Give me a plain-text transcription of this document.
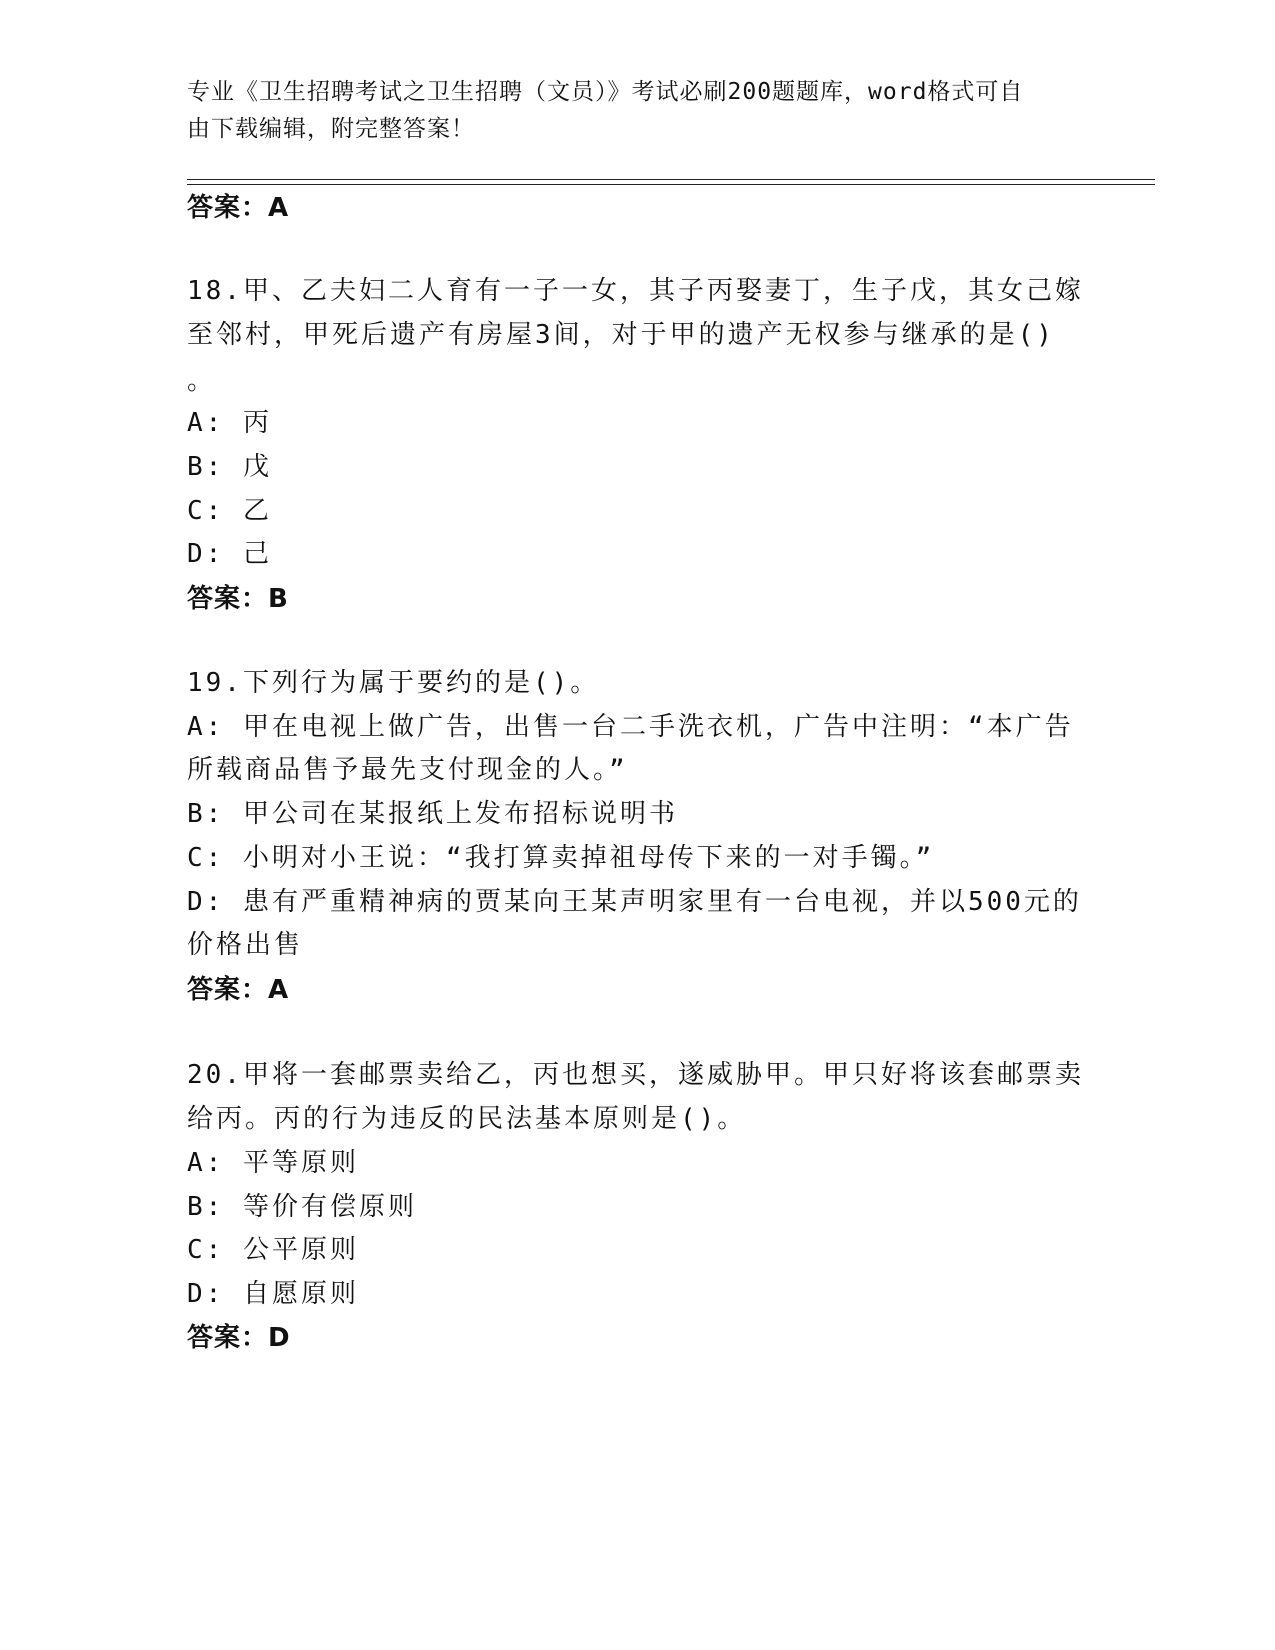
专业《卫生招聘考试之卫生招聘（文员）》考试必刷200题题库，word格式可自
由下载编辑，附完整答案！
答案：A
18.甲、乙夫妇二人育有一子一女，其子丙娶妻丁，生子戊，其女己嫁
至邻村，甲死后遗产有房屋3间，对于甲的遗产无权参与继承的是()
。
A: 丙
B: 戊
C: 乙
D: 己
答案：B
19.下列行为属于要约的是()。
A: 甲在电视上做广告，出售一台二手洗衣机，广告中注明：“本广告
所载商品售予最先支付现金的人。”
B: 甲公司在某报纸上发布招标说明书
C: 小明对小王说：“我打算卖掉祖母传下来的一对手镯。”
D: 患有严重精神病的贾某向王某声明家里有一台电视，并以500元的
价格出售
答案：A
20.甲将一套邮票卖给乙，丙也想买，遂威胁甲。甲只好将该套邮票卖
给丙。丙的行为违反的民法基本原则是()。
A: 平等原则
B: 等价有偿原则
C: 公平原则
D: 自愿原则
答案：D
